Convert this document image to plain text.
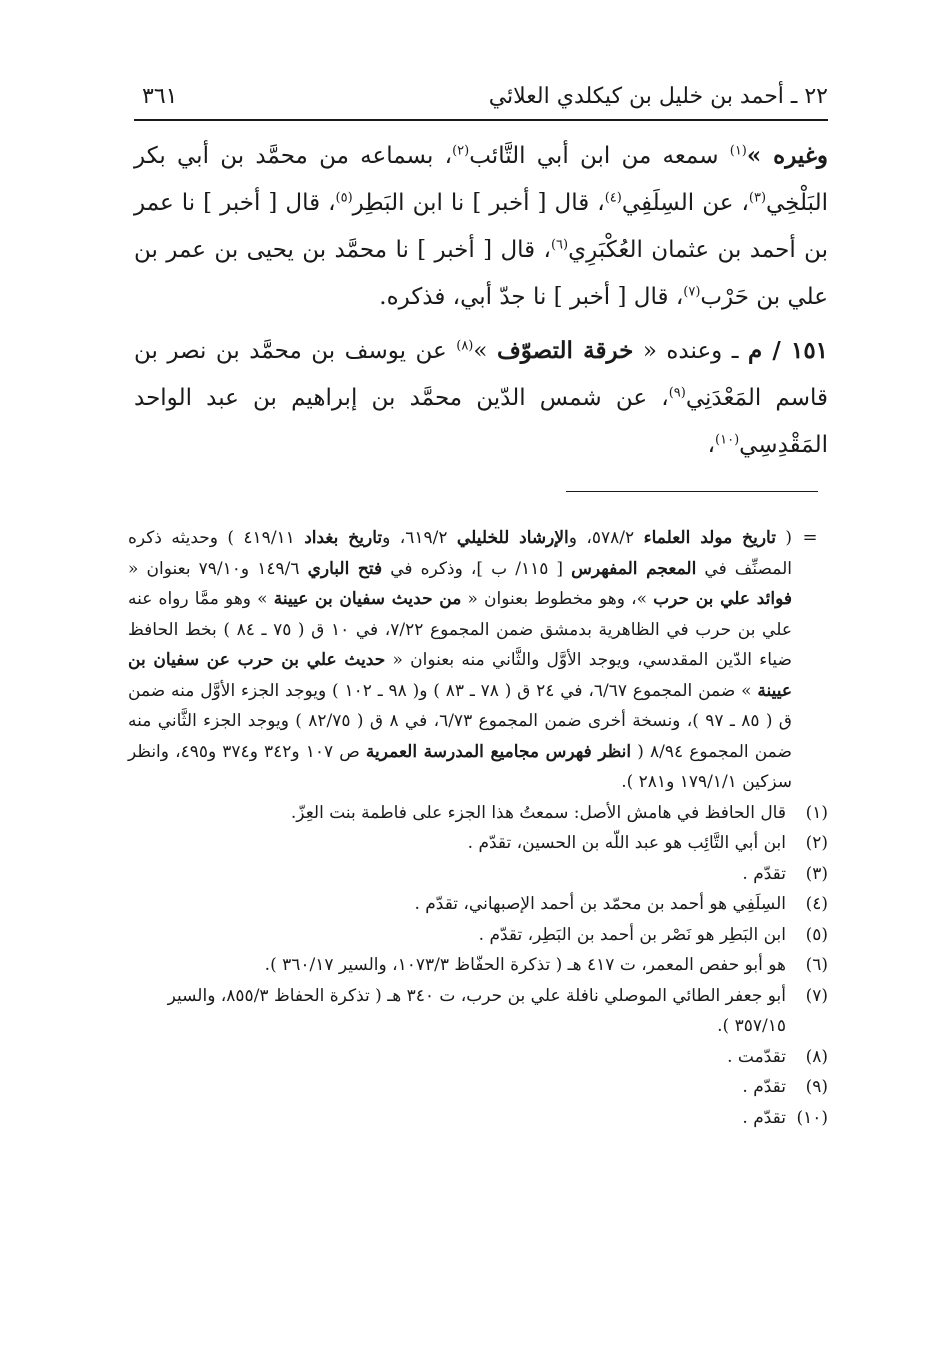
٢٢ ـ أحمد بن خليل بن كيكلدي العلائي
٣٦١

وغيره »$^{(١)}$ سمعه من ابن أبي التَّائب$^{(٢)}$، بسماعه من محمَّد بن أبي بكر البَلْخِي$^{(٣)}$، عن السِلَفِي$^{(٤)}$، قال [ أخبر ] نا ابن البَطِر$^{(٥)}$، قال [ أخبر ] نا عمر بن أحمد بن عثمان العُكْبَرِي$^{(٦)}$، قال [ أخبر ] نا محمَّد بن يحيى بن عمر بن علي بن حَرْب$^{(٧)}$، قال [ أخبر ] نا جدّ أبي، فذكره.

١٥١ / م ـ وعنده « خرقة التصوّف »$^{(٨)}$ عن يوسف بن محمَّد بن نصر بن قاسم المَعْدَنِي$^{(٩)}$، عن شمس الدّين محمَّد بن إبراهيم بن عبد الواحد المَقْدِسِي$^{(١٠)}$،

=
( تاريخ مولد العلماء ٥٧٨/٢، والإرشاد للخليلي ٦١٩/٢، وتاريخ بغداد ٤١٩/١١ ) وحديثه ذكره المصنِّف في المعجم المفهرس [ ١١٥/ ب ]، وذكره في فتح الباري ١٤٩/٦ و٧٩/١٠ بعنوان « فوائد علي بن حرب »، وهو مخطوط بعنوان « من حديث سفيان بن عيينة » وهو ممَّا رواه عنه علي بن حرب في الظاهرية بدمشق ضمن المجموع ٧/٢٢، في ١٠ ق ( ٧٥ ـ ٨٤ ) بخط الحافظ ضياء الدّين المقدسي، ويوجد الأوَّل والثَّاني منه بعنوان « حديث علي بن حرب عن سفيان بن عيينة » ضمن المجموع ٦/٦٧، في ٢٤ ق ( ٧٨ ـ ٨٣ ) و( ٩٨ ـ ١٠٢ ) ويوجد الجزء الأوَّل منه ضمن ق ( ٨٥ ـ ٩٧ )، ونسخة أخرى ضمن المجموع ٦/٧٣، في ٨ ق ( ٨٢/٧٥ ) ويوجد الجزء الثَّاني منه ضمن المجموع ٨/٩٤ ( انظر فهرس مجاميع المدرسة العمرية ص ١٠٧ و٣٤٢ و٣٧٤ و٤٩٥، وانظر سزكين ١٧٩/١/١ و٢٨١ ).
(١)
قال الحافظ في هامش الأصل: سمعتُ هذا الجزء على فاطمة بنت العِزّ.
(٢)
ابن أبي التَّائِب هو عبد اللّه بن الحسين، تقدّم .
(٣)
تقدّم .
(٤)
السِلَفِي هو أحمد بن محمّد بن أحمد الإصبهاني، تقدّم .
(٥)
ابن البَطِر هو نَصْر بن أحمد بن البَطِر، تقدّم .
(٦)
هو أبو حفص المعمر، ت ٤١٧ هـ ( تذكرة الحفّاظ ١٠٧٣/٣، والسير ٣٦٠/١٧ ).
(٧)
أبو جعفر الطائي الموصلي نافلة علي بن حرب، ت ٣٤٠ هـ ( تذكرة الحفاظ ٨٥٥/٣، والسير ٣٥٧/١٥ ).
(٨)
تقدّمت .
(٩)
تقدّم .
(١٠)
تقدّم .
